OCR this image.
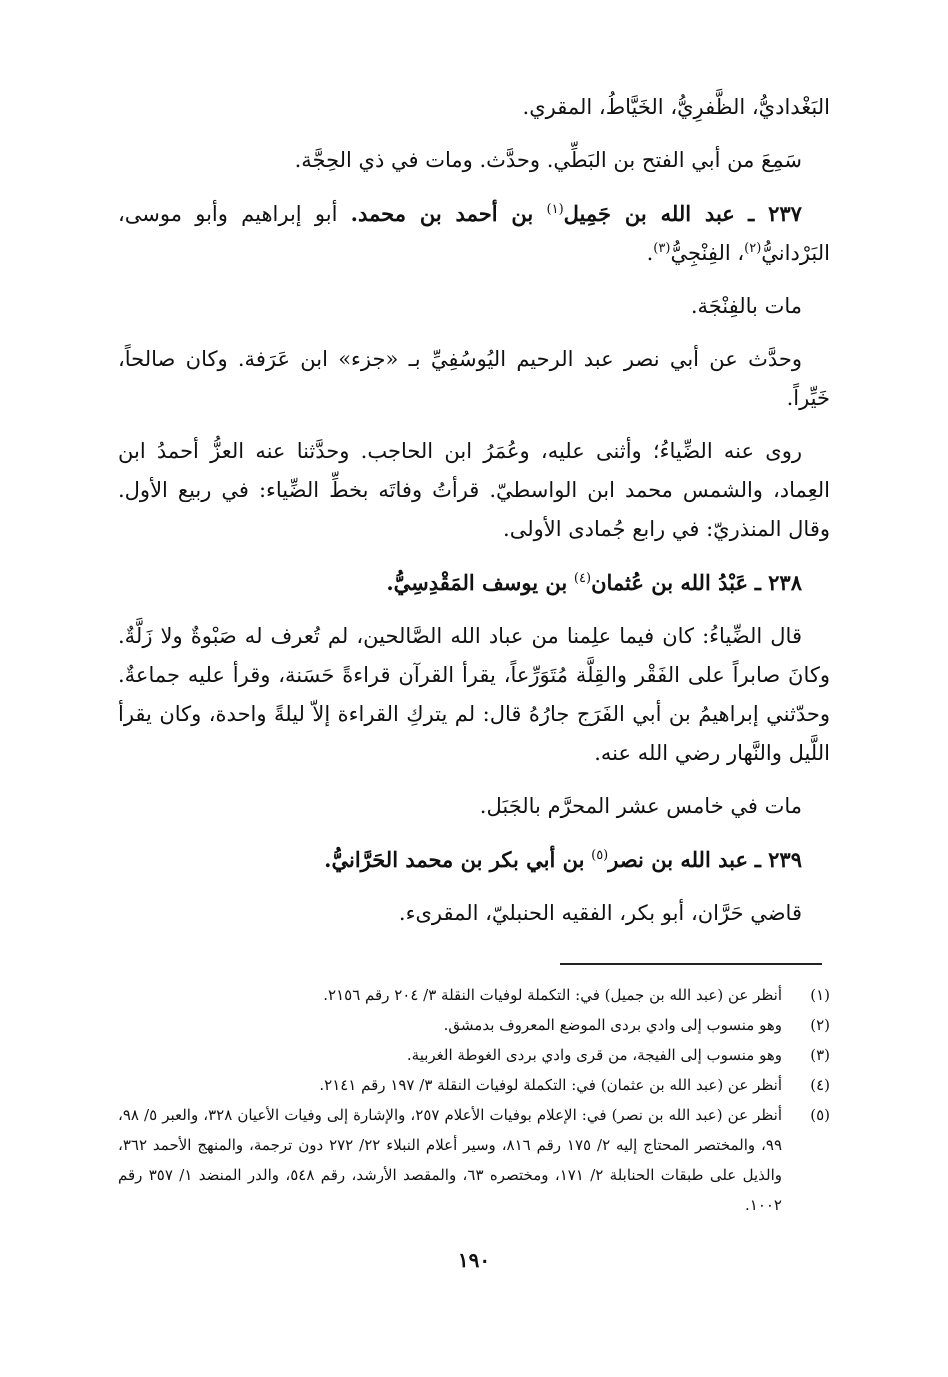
البَغْداديُّ، الظَّفرِيُّ، الخَيَّاطُ، المقري.

سَمِعَ من أبي الفتح بن البَطِّي. وحدَّث. ومات في ذي الحِجَّة.

٢٣٧ ـ عبد الله بن جَمِيل$^{(١)}$ بن أحمد بن محمد. أبو إبراهيم وأبو موسى، البَرْدانيُّ$^{(٢)}$، الفِنْجِيُّ$^{(٣)}$.

مات بالفِنْجَة.

وحدَّث عن أبي نصر عبد الرحيم اليُوسُفِيِّ بـ «جزء» ابن عَرَفة. وكان صالحاً، خَيِّراً.

روى عنه الضِّياءُ؛ وأثنى عليه، وعُمَرُ ابن الحاجب. وحدَّثنا عنه العزُّ أحمدُ ابن العِماد، والشمس محمد ابن الواسطيّ. قرأتُ وفاتَه بخطِّ الضِّياء: في ربيع الأول. وقال المنذريّ: في رابع جُمادى الأولى.

٢٣٨ ـ عَبْدُ الله بن عُثمان$^{(٤)}$ بن يوسف المَقْدِسِيُّ.

قال الضِّياءُ: كان فيما علِمنا من عباد الله الصَّالحين، لم تُعرف له صَبْوةٌ ولا زَلَّةٌ. وكانَ صابراً على الفَقْر والقِلَّة مُتَوَرِّعاً، يقرأ القرآن قراءةً حَسَنة، وقرأ عليه جماعةٌ. وحدّثني إبراهيمُ بن أبي الفَرَج جارُهُ قال: لم يتركِ القراءة إلاّ ليلةً واحدة، وكان يقرأ اللَّيل والنَّهار رضي الله عنه.

مات في خامس عشر المحرَّم بالجَبَل.

٢٣٩ ـ عبد الله بن نصر$^{(٥)}$ بن أبي بكر بن محمد الحَرَّانيُّ.

قاضي حَرَّان، أبو بكر، الفقيه الحنبليّ، المقرىء.

(١)
أنظر عن (عبد الله بن جميل) في: التكملة لوفيات النقلة ٣/ ٢٠٤ رقم ٢١٥٦.
(٢)
وهو منسوب إلى وادي بردى الموضع المعروف بدمشق.
(٣)
وهو منسوب إلى الفيجة، من قرى وادي بردى الغوطة الغربية.
(٤)
أنظر عن (عبد الله بن عثمان) في: التكملة لوفيات النقلة ٣/ ١٩٧ رقم ٢١٤١.
(٥)
أنظر عن (عبد الله بن نصر) في: الإعلام بوفيات الأعلام ٢٥٧، والإشارة إلى وفيات الأعيان ٣٢٨، والعبر ٥/ ٩٨، ٩٩، والمختصر المحتاج إليه ٢/ ١٧٥ رقم ٨١٦، وسير أعلام النبلاء ٢٢/ ٢٧٢ دون ترجمة، والمنهج الأحمد ٣٦٢، والذيل على طبقات الحنابلة ٢/ ١٧١، ومختصره ٦٣، والمقصد الأرشد، رقم ٥٤٨، والدر المنضد ١/ ٣٥٧ رقم ١٠٠٢.
١٩٠
